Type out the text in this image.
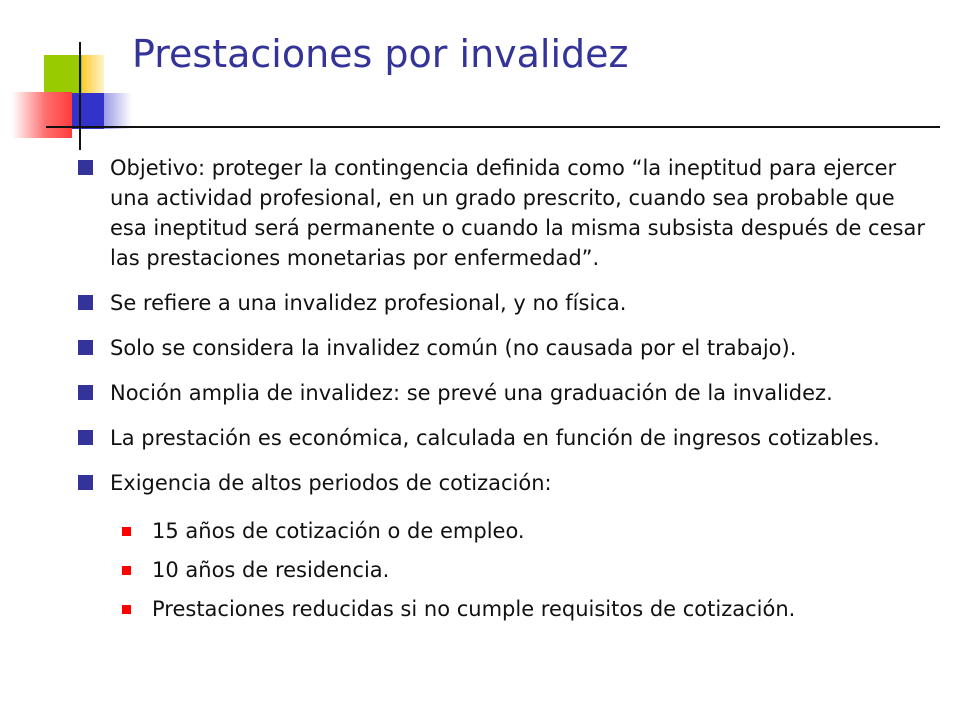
Prestaciones por invalidez

Objetivo: proteger la contingencia definida como “la ineptitud para ejercer una actividad profesional, en un grado prescrito, cuando sea probable que esa ineptitud será permanente o cuando la misma subsista después de cesar las prestaciones monetarias por enfermedad”.

Se refiere a una invalidez profesional, y no física.

Solo se considera la invalidez común (no causada por el trabajo).

Noción amplia de invalidez: se prevé una graduación de la invalidez.

La prestación es económica, calculada en función de ingresos cotizables.

Exigencia de altos periodos de cotización:

15 años de cotización o de empleo.

10 años de residencia.

Prestaciones reducidas si no cumple requisitos de cotización.
